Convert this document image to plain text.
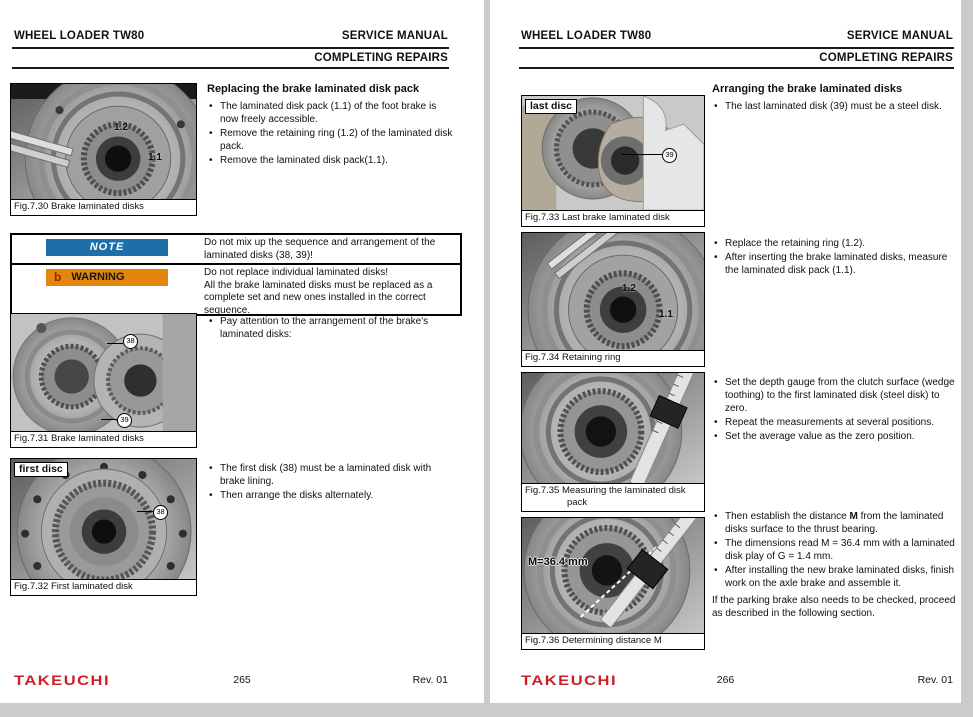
WHEEL LOADER TW80	SERVICE MANUAL
COMPLETING REPAIRS
1.2
1.1
Fig.7.30 Brake laminated disks
Replacing the brake laminated disk pack
• The laminated disk pack (1.1) of the foot brake is now freely accessible.
• Remove the retaining ring (1.2) of the laminated disk pack.
• Remove the laminated disk pack(1.1).
NOTE	Do not mix up the sequence and arrangement of the laminated disks (38, 39)!
b WARNING	Do not replace individual laminated disks!
All the brake laminated disks must be replaced as a complete set and new ones installed in the correct sequence.
• Pay attention to the arrangement of the brake's laminated disks:
38
39
Fig.7.31 Brake laminated disks
first disc
38
Fig.7.32 First laminated disk
• The first disk (38) must be a laminated disk with brake lining.
• Then arrange the disks alternately.
TAKEUCHI	265	Rev. 01
WHEEL LOADER TW80	SERVICE MANUAL
COMPLETING REPAIRS
Arranging the brake laminated disks
• The last laminated disk (39) must be a steel disk.
last disc
39
Fig.7.33 Last brake laminated disk
• Replace the retaining ring (1.2).
• After inserting the brake laminated disks, measure the laminated disk pack (1.1).
1.2
1.1
Fig.7.34 Retaining ring
• Set the depth gauge from the clutch surface (wedge toothing) to the first laminated disk (steel disk) to zero.
• Repeat the measurements at several positions.
• Set the average value as the zero position.
Fig.7.35 Measuring the laminated disk pack
• Then establish the distance M from the laminated disks surface to the thrust bearing.
• The dimensions read M = 36.4 mm with a laminated disk play of G = 1.4 mm.
• After installing the new brake laminated disks, finish work on the axle brake and assemble it.
If the parking brake also needs to be checked, proceed as described in the following section.
M=36.4 mm
Fig.7.36 Determining distance M
TAKEUCHI	266	Rev. 01
